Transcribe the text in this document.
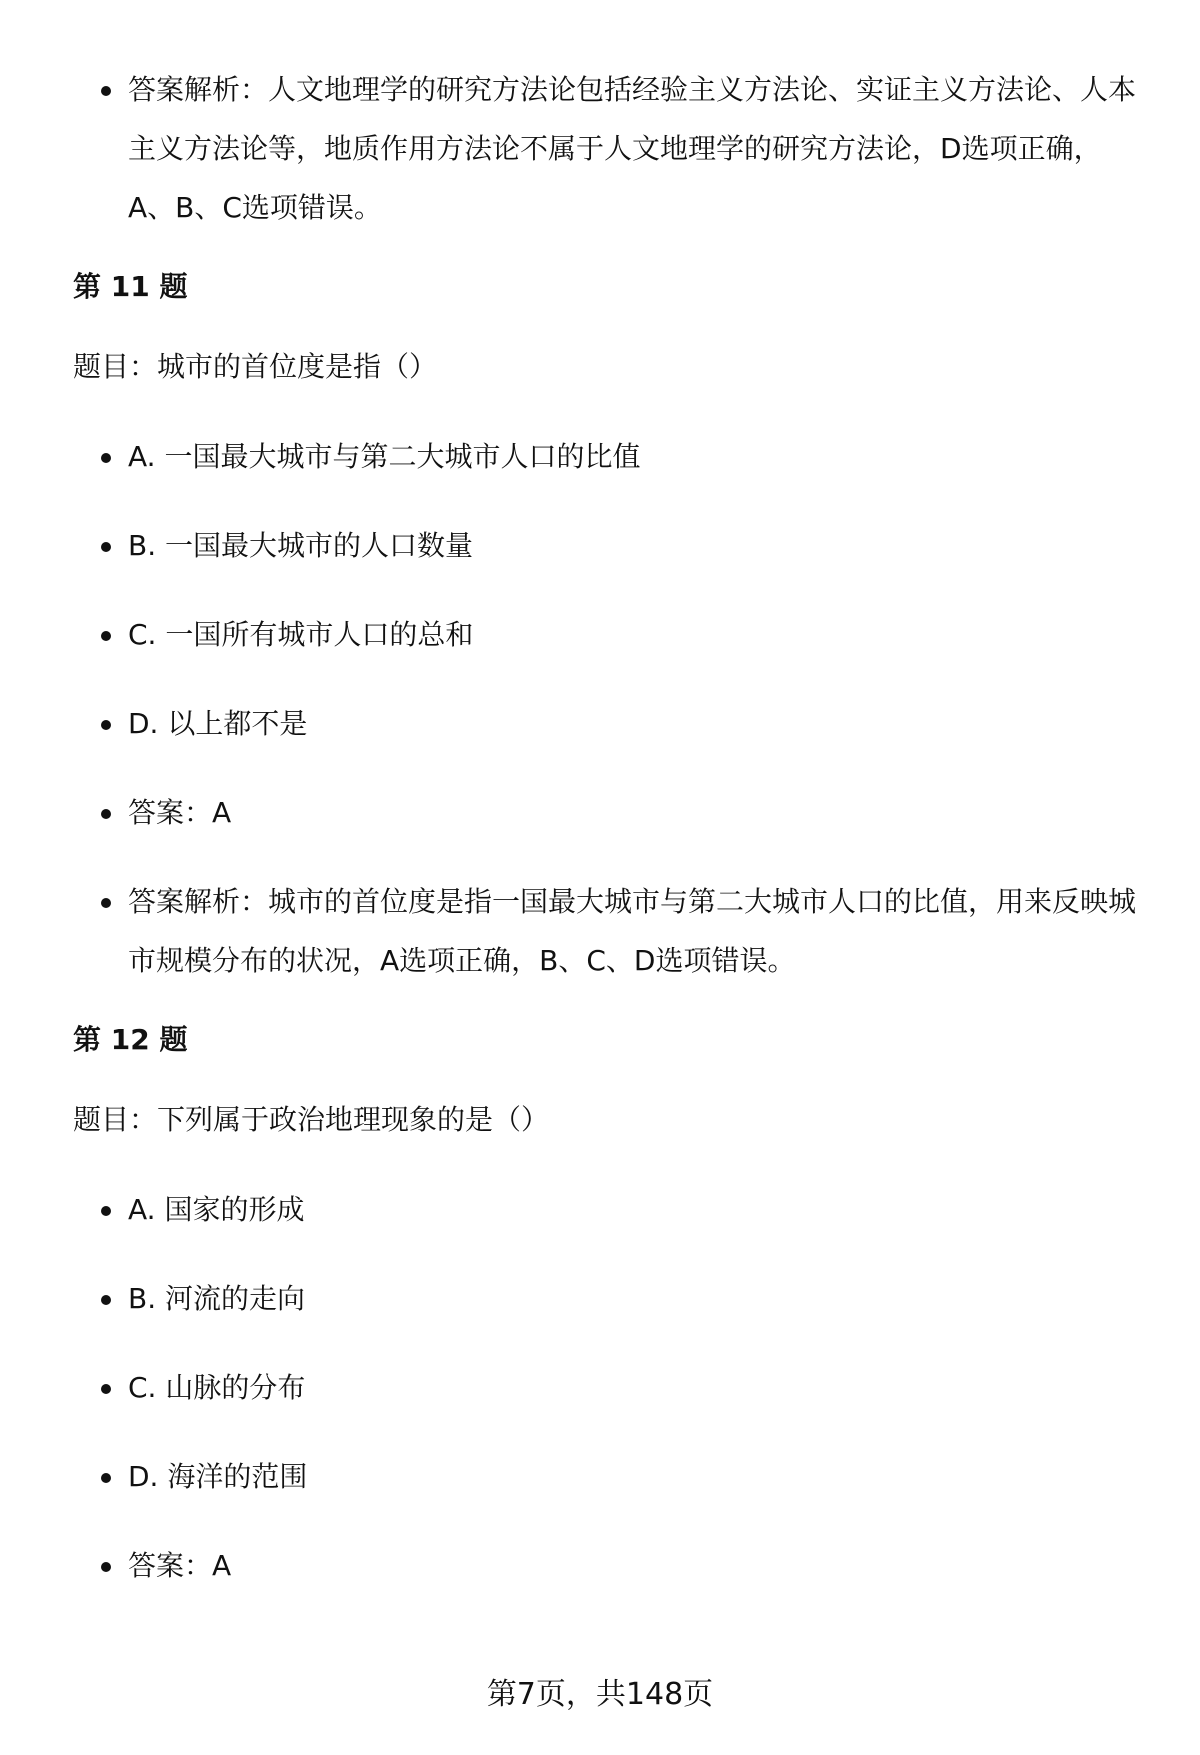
答案解析：人文地理学的研究方法论包括经验主义方法论、实证主义方法论、人本主义方法论等，地质作用方法论不属于人文地理学的研究方法论，D选项正确，A、B、C选项错误。
第 11 题
题目：城市的首位度是指（）
A. 一国最大城市与第二大城市人口的比值
B. 一国最大城市的人口数量
C. 一国所有城市人口的总和
D. 以上都不是
答案：A
答案解析：城市的首位度是指一国最大城市与第二大城市人口的比值，用来反映城市规模分布的状况，A选项正确，B、C、D选项错误。
第 12 题
题目：下列属于政治地理现象的是（）
A. 国家的形成
B. 河流的走向
C. 山脉的分布
D. 海洋的范围
答案：A
第7页，共148页
